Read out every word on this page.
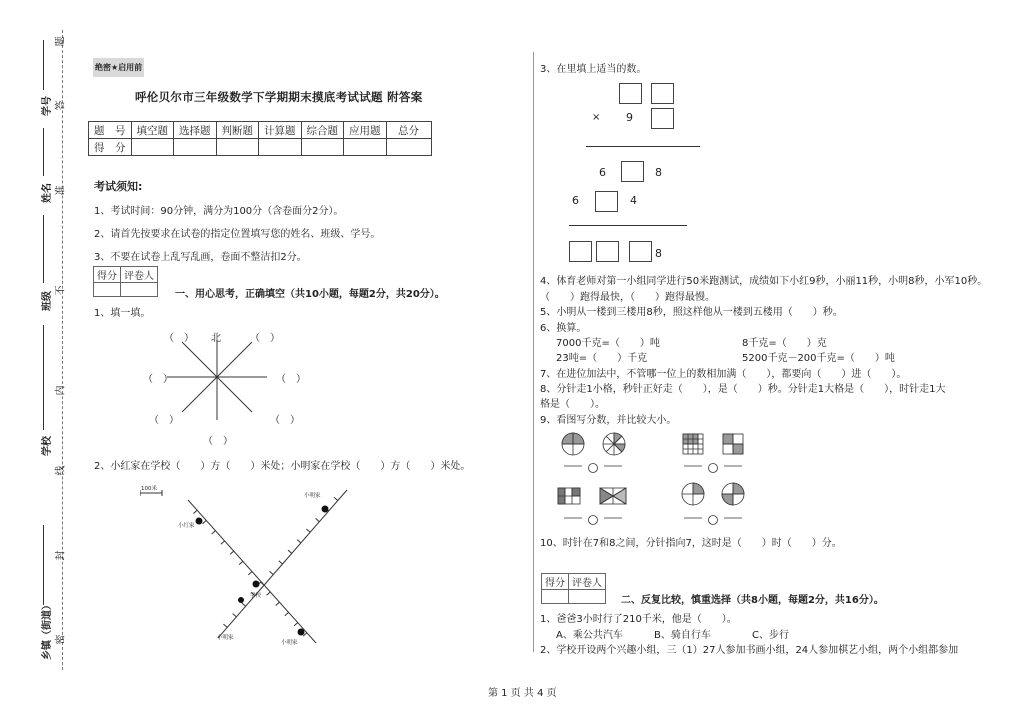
题
答
准
不
内
线
封
密
学号
姓名
班级
学校
乡镇（街道）
绝密★启用前
呼伦贝尔市三年级数学下学期期末摸底考试试题 附答案
题　号	填空题	选择题	判断题	计算题	综合题	应用题	总分
得　分							
考试须知:
1、考试时间：90分钟，满分为100分（含卷面分2分）。
2、请首先按要求在试卷的指定位置填写您的姓名、班级、学号。
3、不要在试卷上乱写乱画，卷面不整洁扣2分。
得分	评卷人

一、用心思考，正确填空（共10小题，每题2分，共20分）。
1、填一填。
北
（　）	（　）
（　）	（　）
（　）	（　）
（　）
2、小红家在学校（　　）方（　　）米处；小明家在学校（　　）方（　　）米处。
100米
小红家
小明家
学校
小明家
小明家
3、在里填上适当的数。
× 9
6	8
6	4
8
4、体育老师对第一小组同学进行50米跑测试，成绩如下小红9秒，小丽11秒，小明8秒，小军10秒。
（　　）跑得最快，（　　）跑得最慢。
5、小明从一楼到三楼用8秒，照这样他从一楼到五楼用（　　）秒。
6、换算。
7000千克=（　　）吨	8千克=（　　）克
23吨=（　　）千克	5200千克－200千克=（　　）吨
7、在进位加法中，不管哪一位上的数相加满（　　），都要向（　　）进（　　）。
8、分针走1小格，秒针正好走（　　），是（　　）秒。分针走1大格是（　　），时针走1大
格是（　　）。
9、看图写分数，并比较大小。
10、时针在7和8之间，分针指向7，这时是（　　）时（　　）分。
得分	评卷人

二、反复比较，慎重选择（共8小题，每题2分，共16分）。
1、爸爸3小时行了210千米，他是（　　）。
A、乘公共汽车	B、骑自行车	C、步行
2、学校开设两个兴趣小组，三（1）27人参加书画小组，24人参加棋艺小组，两个小组都参加
第 1 页 共 4 页
